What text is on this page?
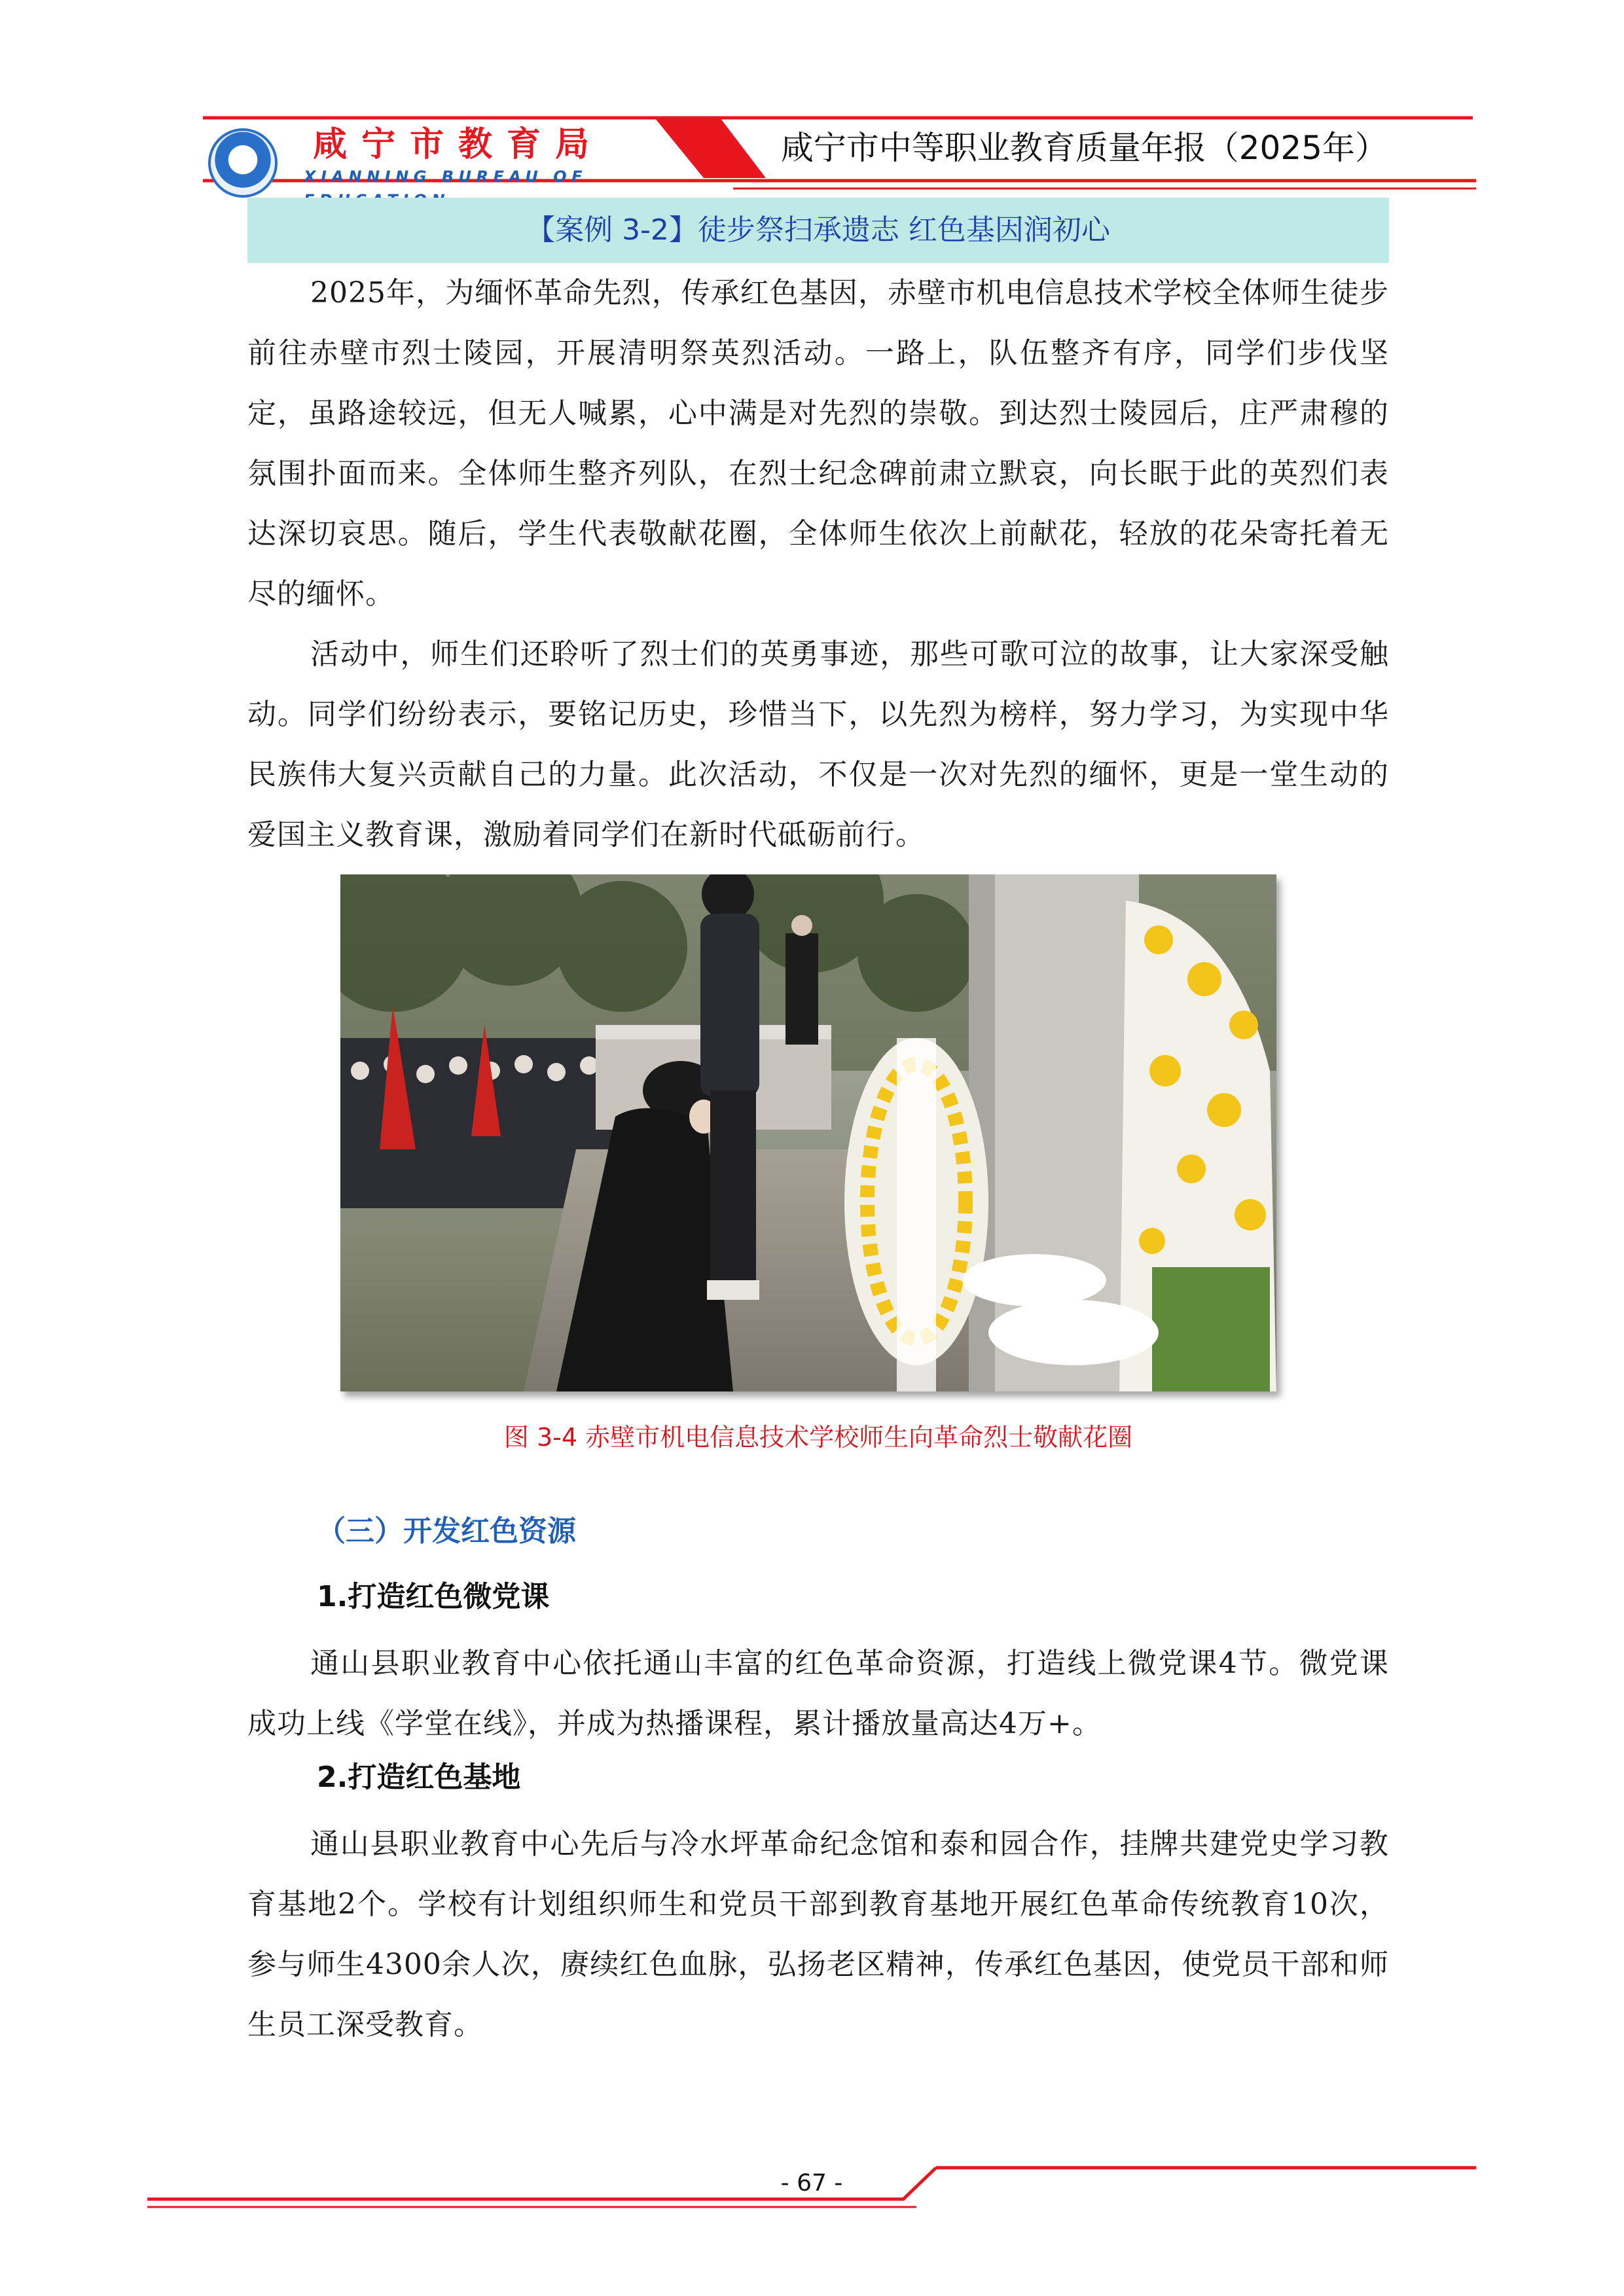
咸宁市教育局
XIANNING BUREAU OF
咸宁市中等职业教育质量年报（2025年）
【案例 3-2】徒步祭扫承遗志 红色基因润初心
2025年，为缅怀革命先烈，传承红色基因，赤壁市机电信息技术学校全体师生徒步前往赤壁市烈士陵园，开展清明祭英烈活动。一路上，队伍整齐有序，同学们步伐坚定，虽路途较远，但无人喊累，心中满是对先烈的崇敬。到达烈士陵园后，庄严肃穆的氛围扑面而来。全体师生整齐列队，在烈士纪念碑前肃立默哀，向长眠于此的英烈们表达深切哀思。随后，学生代表敬献花圈，全体师生依次上前献花，轻放的花朵寄托着无尽的缅怀。
活动中，师生们还聆听了烈士们的英勇事迹，那些可歌可泣的故事，让大家深受触动。同学们纷纷表示，要铭记历史，珍惜当下，以先烈为榜样，努力学习，为实现中华民族伟大复兴贡献自己的力量。此次活动，不仅是一次对先烈的缅怀，更是一堂生动的爱国主义教育课，激励着同学们在新时代砥砺前行。
图 3-4 赤壁市机电信息技术学校师生向革命烈士敬献花圈
（三）开发红色资源
1.打造红色微党课
通山县职业教育中心依托通山丰富的红色革命资源，打造线上微党课4节。微党课成功上线《学堂在线》，并成为热播课程，累计播放量高达4万+。
2.打造红色基地
通山县职业教育中心先后与冷水坪革命纪念馆和泰和园合作，挂牌共建党史学习教育基地2个。学校有计划组织师生和党员干部到教育基地开展红色革命传统教育10次，参与师生4300余人次，赓续红色血脉，弘扬老区精神，传承红色基因，使党员干部和师生员工深受教育。
- 67 -
